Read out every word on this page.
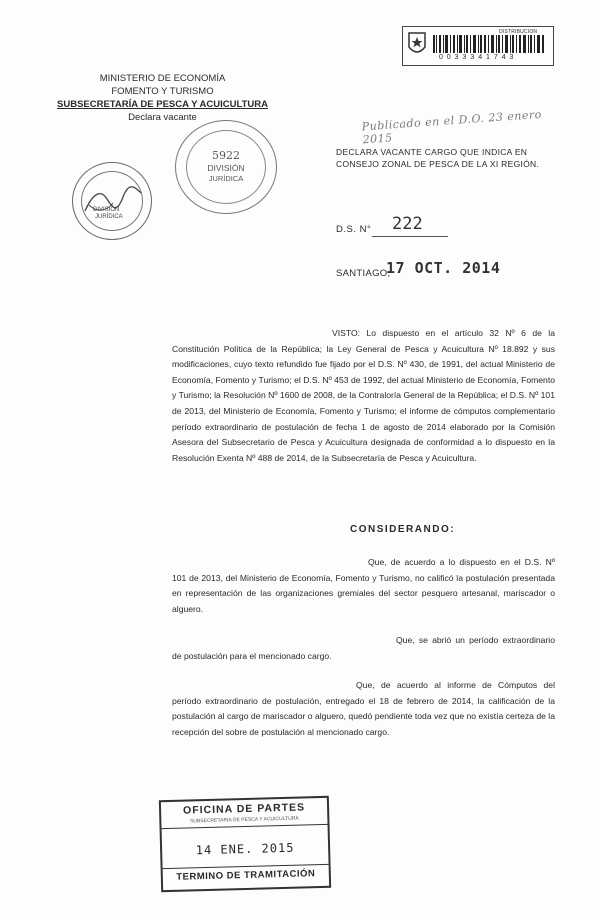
DISTRIBUCION
0 0 3 3 3 4 1 7 4 3
Publicado en el D.O. 23 enero 2015
MINISTERIO DE ECONOMÍA
FOMENTO Y TURISMO
SUBSECRETARÍA DE PESCA Y ACUICULTURA
Declara vacante
5922
DIVISIÓN
JURÍDICA
DIVISIÓN
JURÍDICA
DECLARA VACANTE CARGO QUE INDICA EN CONSEJO ZONAL DE PESCA DE LA XI REGIÓN.
D.S. N° 222
SANTIAGO,
17 OCT. 2014
VISTO: Lo dispuesto en el artículo 32 Nº 6 de la Constitución Política de la República; la Ley General de Pesca y Acuicultura Nº 18.892 y sus modificaciones, cuyo texto refundido fue fijado por el D.S. Nº 430, de 1991, del actual Ministerio de Economía, Fomento y Turismo; el D.S. Nº 453 de 1992, del actual Ministerio de Economía, Fomento y Turismo; la Resolución Nº 1600 de 2008, de la Contraloría General de la República; el D.S. Nº 101 de 2013, del Ministerio de Economía, Fomento y Turismo; el informe de cómputos complementario período extraordinario de postulación de fecha 1 de agosto de 2014 elaborado por la Comisión Asesora del Subsecretario de Pesca y Acuicultura designada de conformidad a lo dispuesto en la Resolución Exenta Nº 488 de 2014, de la Subsecretaría de Pesca y Acuicultura.
CONSIDERANDO:
Que, de acuerdo a lo dispuesto en el D.S. Nº 101 de 2013, del Ministerio de Economía, Fomento y Turismo, no calificó la postulación presentada en representación de las organizaciones gremiales del sector pesquero artesanal, mariscador o alguero.
Que, se abrió un período extraordinario de postulación para el mencionado cargo.
Que, de acuerdo al informe de Cómputos del período extraordinario de postulación, entregado el 18 de febrero de 2014, la calificación de la postulación al cargo de mariscador o alguero, quedó pendiente toda vez que no existía certeza de la recepción del sobre de postulación al mencionado cargo.
OFICINA DE PARTES
SUBSECRETARÍA DE PESCA Y ACUICULTURA
14 ENE. 2015
TERMINO DE TRAMITACIÓN
